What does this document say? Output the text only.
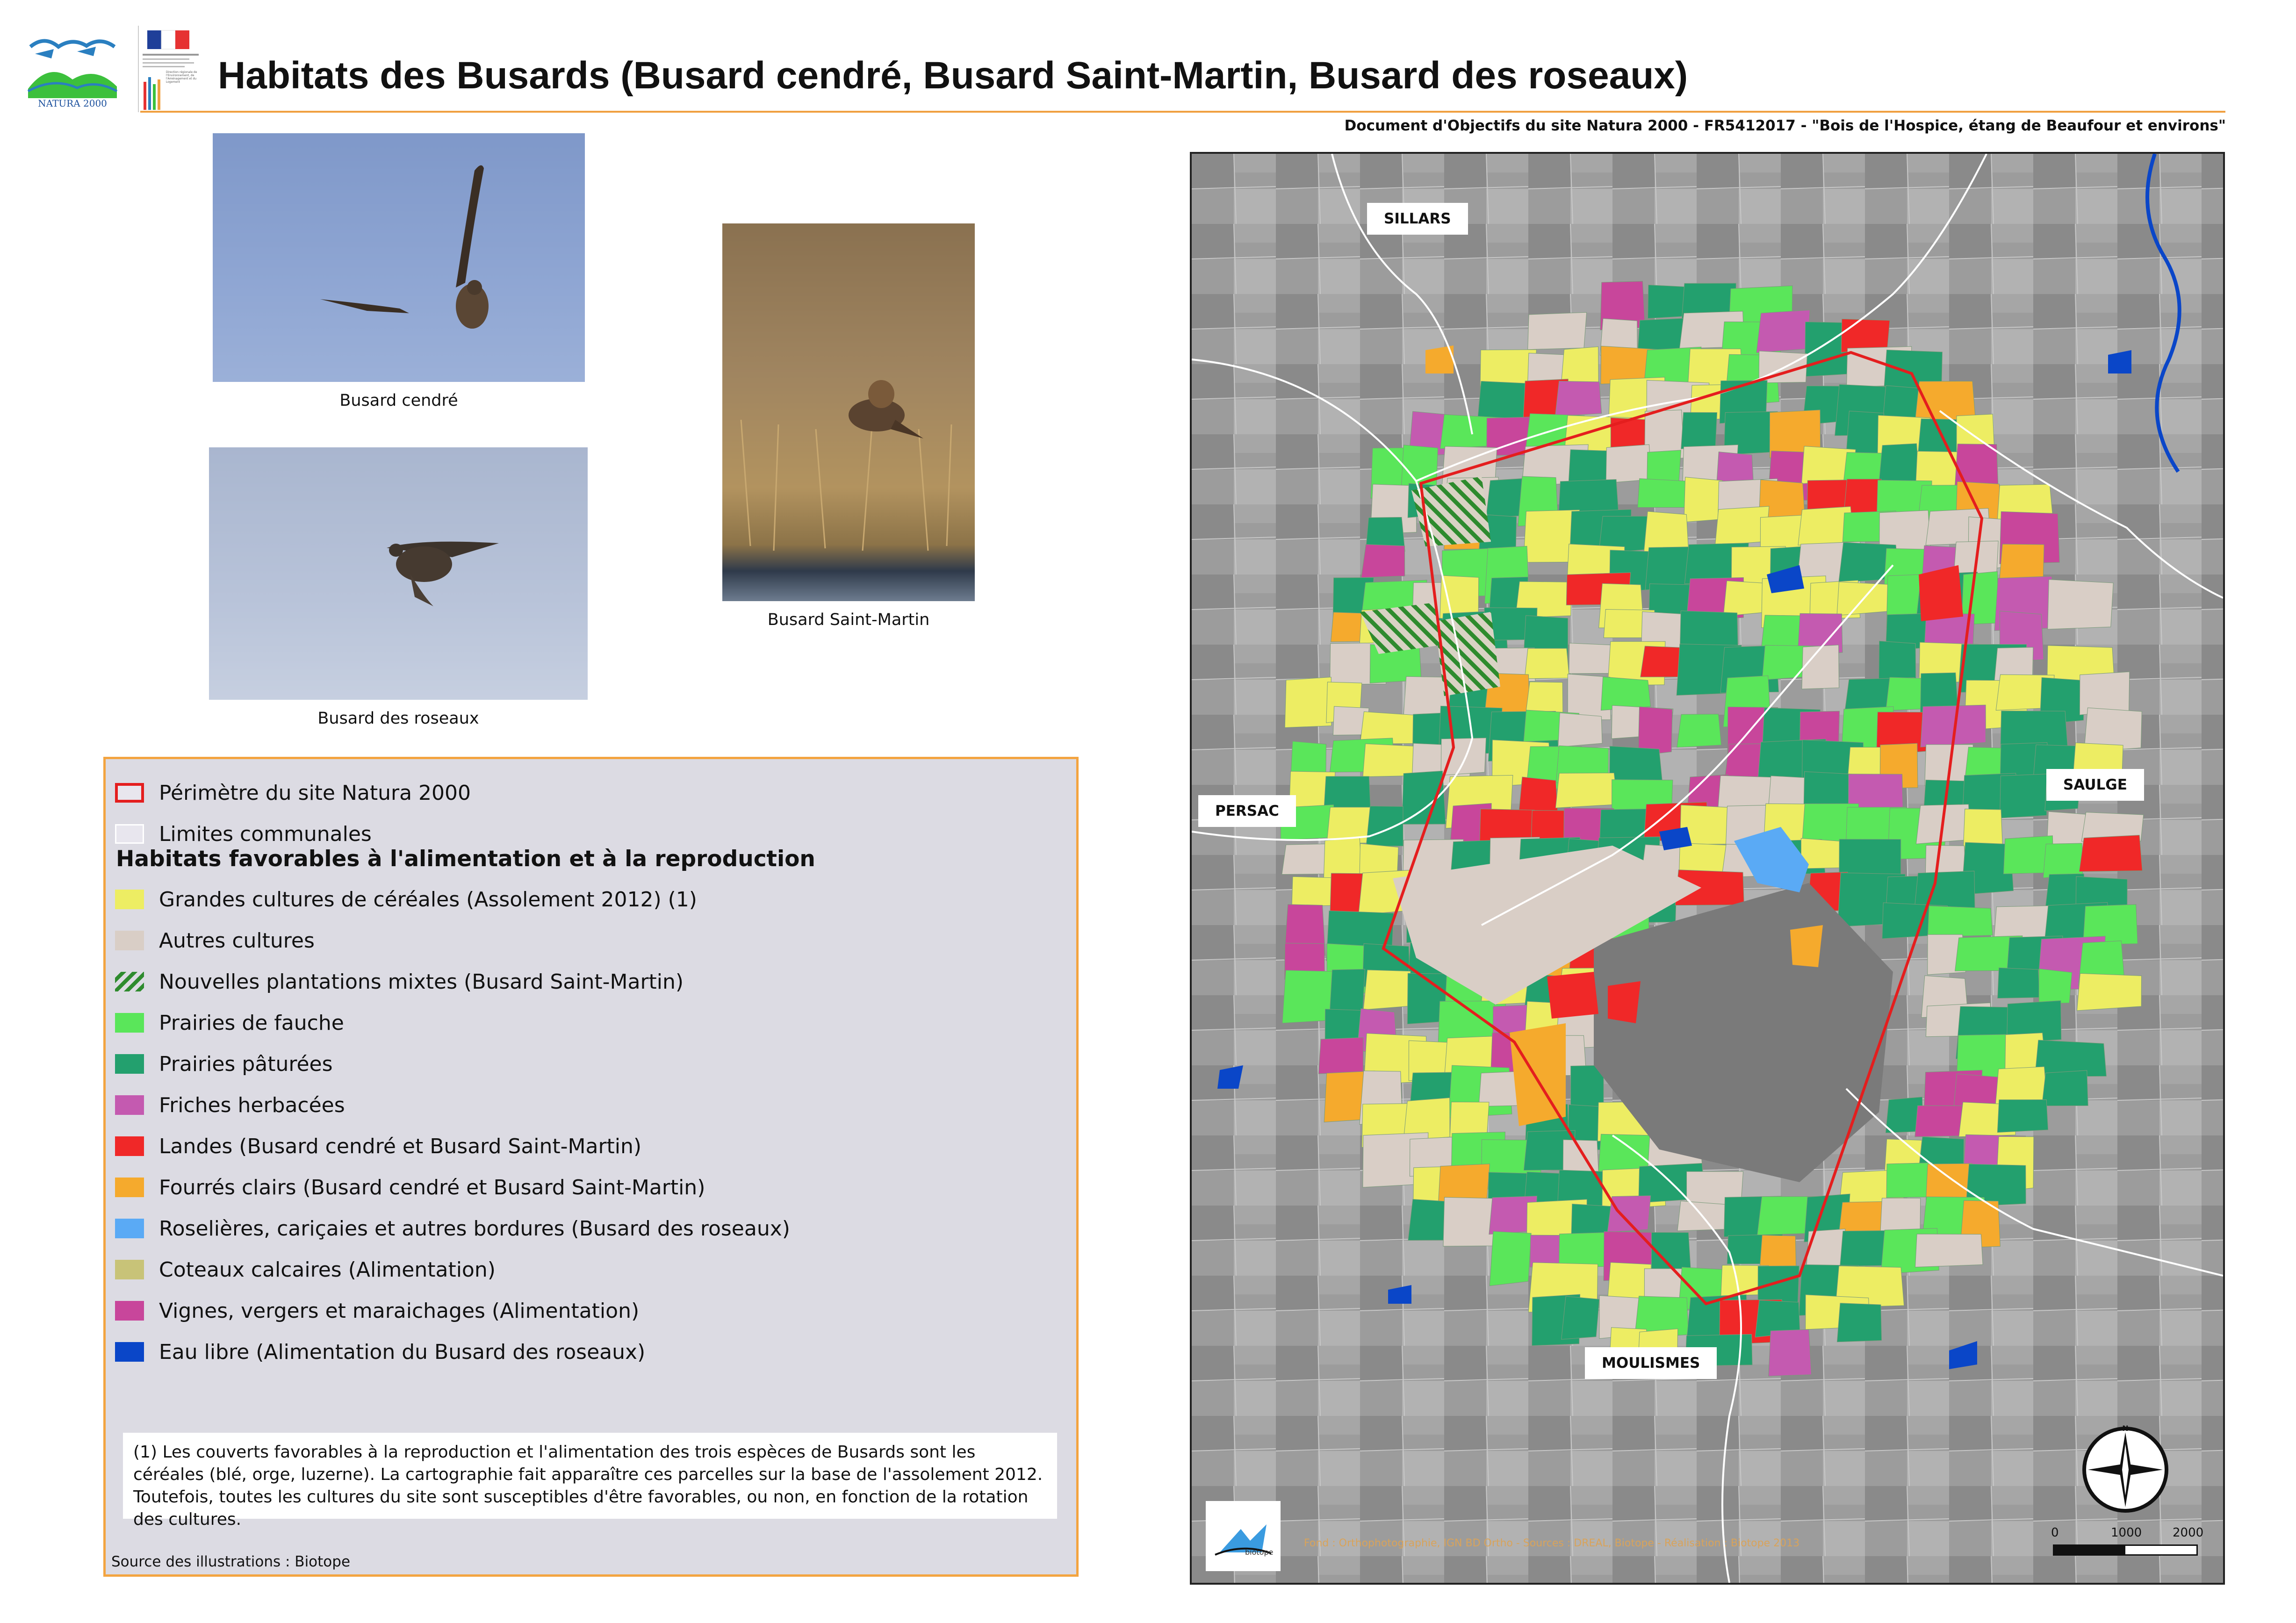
NATURA 2000
Direction régionale de l'Environnement, de l'Aménagement et du Logement Habitats des Busards (Busard cendré, Busard Saint-Martin, Busard des roseaux)
Document d'Objectifs du site Natura 2000 - FR5412017 - "Bois de l'Hospice, étang de Beaufour et environs"
Busard cendré
Busard Saint-Martin
Busard des roseaux
Périmètre du site Natura 2000
Limites communales
Habitats favorables à l'alimentation et à la reproduction
Grandes cultures de céréales (Assolement 2012) (1)
Autres cultures
Nouvelles plantations mixtes (Busard Saint-Martin)
Prairies de fauche
Prairies pâturées
Friches herbacées
Landes (Busard cendré et Busard Saint-Martin)
Fourrés clairs (Busard cendré et Busard Saint-Martin)
Roselières, cariçaies et autres bordures (Busard des roseaux)
Coteaux calcaires (Alimentation)
Vignes, vergers et maraichages (Alimentation)
Eau libre (Alimentation du Busard des roseaux)
(1) Les couverts favorables à la reproduction et l'alimentation des trois espèces de Busards sont les céréales (blé, orge, luzerne). La cartographie fait apparaître ces parcelles sur la base de l'assolement 2012. Toutefois, toutes les cultures du site sont susceptibles d'être favorables, ou non, en fonction de la rotation des cultures.
Source des illustrations : Biotope
SILLARS
PERSAC
SAULGE
MOULISMES
N
0	1000	2000
biotope
Fond : Orthophotographie, IGN BD Ortho - Sources : DREAL, Biotope - Réalisation : Biotope 2013
